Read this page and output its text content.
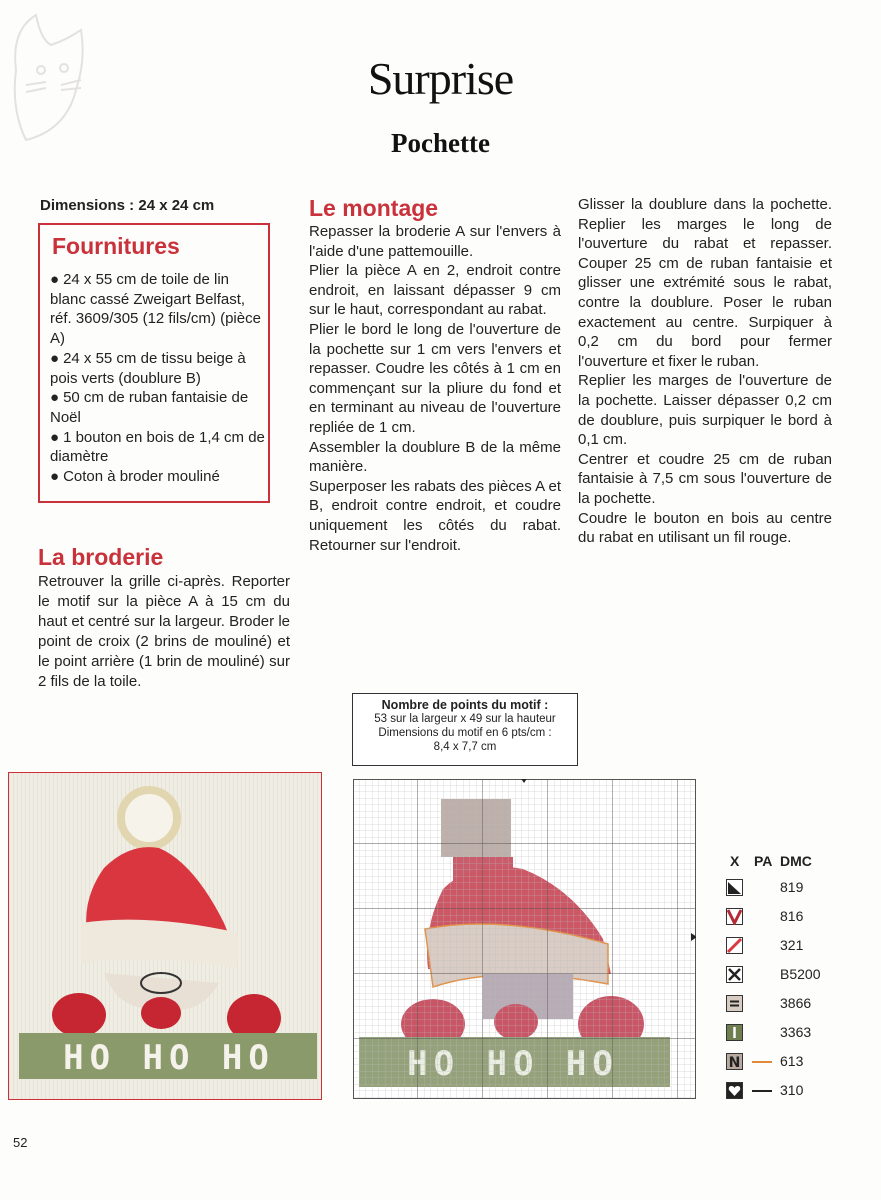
Surprise
Pochette
Dimensions : 24 x 24 cm
Fournitures
● 24 x 55 cm de toile de lin blanc cassé Zweigart Belfast, réf. 3609/305 (12 fils/cm) (pièce A)
● 24 x 55 cm de tissu beige à pois verts (doublure B)
● 50 cm de ruban fantaisie de Noël
● 1 bouton en bois de 1,4 cm de diamètre
● Coton à broder mouliné
La broderie
Retrouver la grille ci-après. Reporter le motif sur la pièce A à 15 cm du haut et centré sur la largeur. Broder le point de croix (2 brins de mouliné) et le point arrière (1 brin de mouliné) sur 2 fils de la toile.
Le montage

Repasser la broderie A sur l'envers à l'aide d'une pattemouille.

Plier la pièce A en 2, endroit contre endroit, en laissant dépasser 9 cm sur le haut, correspondant au rabat.

Plier le bord le long de l'ouverture de la pochette sur 1 cm vers l'envers et repasser. Coudre les côtés à 1 cm en commençant sur la pliure du fond et en terminant au niveau de l'ouverture repliée de 1 cm.

Assembler la doublure B de la même manière.

Superposer les rabats des pièces A et B, endroit contre endroit, et coudre uniquement les côtés du rabat. Retourner sur l'endroit.

Glisser la doublure dans la pochette. Replier les marges le long de l'ouverture du rabat et repasser. Couper 25 cm de ruban fantaisie et glisser une extrémité sous le rabat, contre la doublure. Poser le ruban exactement au centre. Surpiquer à 0,2 cm du bord pour fermer l'ouverture et fixer le ruban.

Replier les marges de l'ouverture de la pochette. Laisser dépasser 0,2 cm de doublure, puis surpiquer le bord à 0,1 cm.

Centrer et coudre 25 cm de ruban fantaisie à 7,5 cm sous l'ouverture de la pochette.

Coudre le bouton en bois au centre du rabat en utilisant un fil rouge.

Nombre de points du motif :
53 sur la largeur x 49 sur la hauteur
Dimensions du motif en 6 pts/cm :
8,4 x 7,7 cm
HO HO HO
X PA DMC
819
816
321
B5200
3866
3363
N	613
310
52
